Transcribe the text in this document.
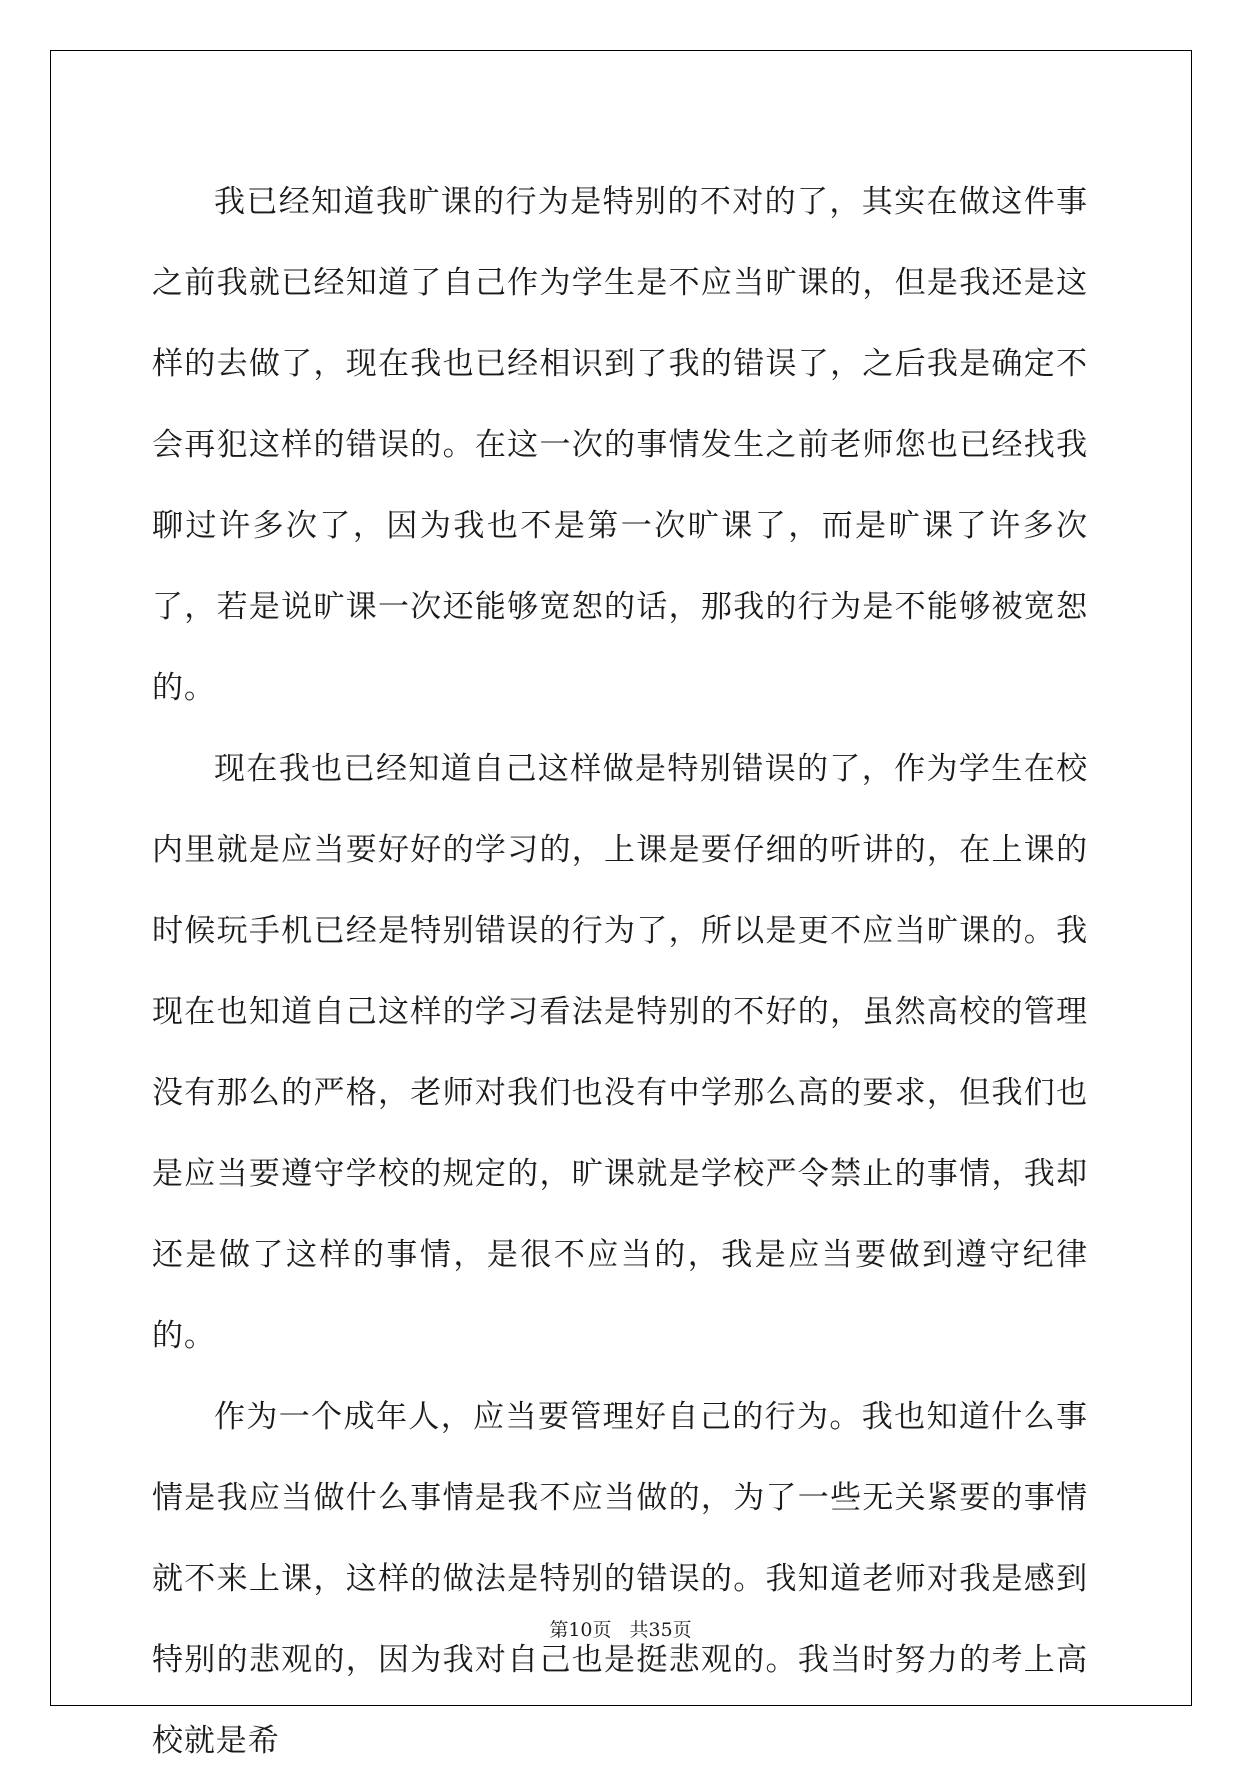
我已经知道我旷课的行为是特别的不对的了，其实在做这件事之前我就已经知道了自己作为学生是不应当旷课的，但是我还是这样的去做了，现在我也已经相识到了我的错误了，之后我是确定不会再犯这样的错误的。在这一次的事情发生之前老师您也已经找我聊过许多次了，因为我也不是第一次旷课了，而是旷课了许多次了，若是说旷课一次还能够宽恕的话，那我的行为是不能够被宽恕的。

现在我也已经知道自己这样做是特别错误的了，作为学生在校内里就是应当要好好的学习的，上课是要仔细的听讲的，在上课的时候玩手机已经是特别错误的行为了，所以是更不应当旷课的。我现在也知道自己这样的学习看法是特别的不好的，虽然高校的管理没有那么的严格，老师对我们也没有中学那么高的要求，但我们也是应当要遵守学校的规定的，旷课就是学校严令禁止的事情，我却还是做了这样的事情，是很不应当的，我是应当要做到遵守纪律的。

作为一个成年人，应当要管理好自己的行为。我也知道什么事情是我应当做什么事情是我不应当做的，为了一些无关紧要的事情就不来上课，这样的做法是特别的错误的。我知道老师对我是感到特别的悲观的，因为我对自己也是挺悲观的。我当时努力的考上高校就是希

第10页 共35页
